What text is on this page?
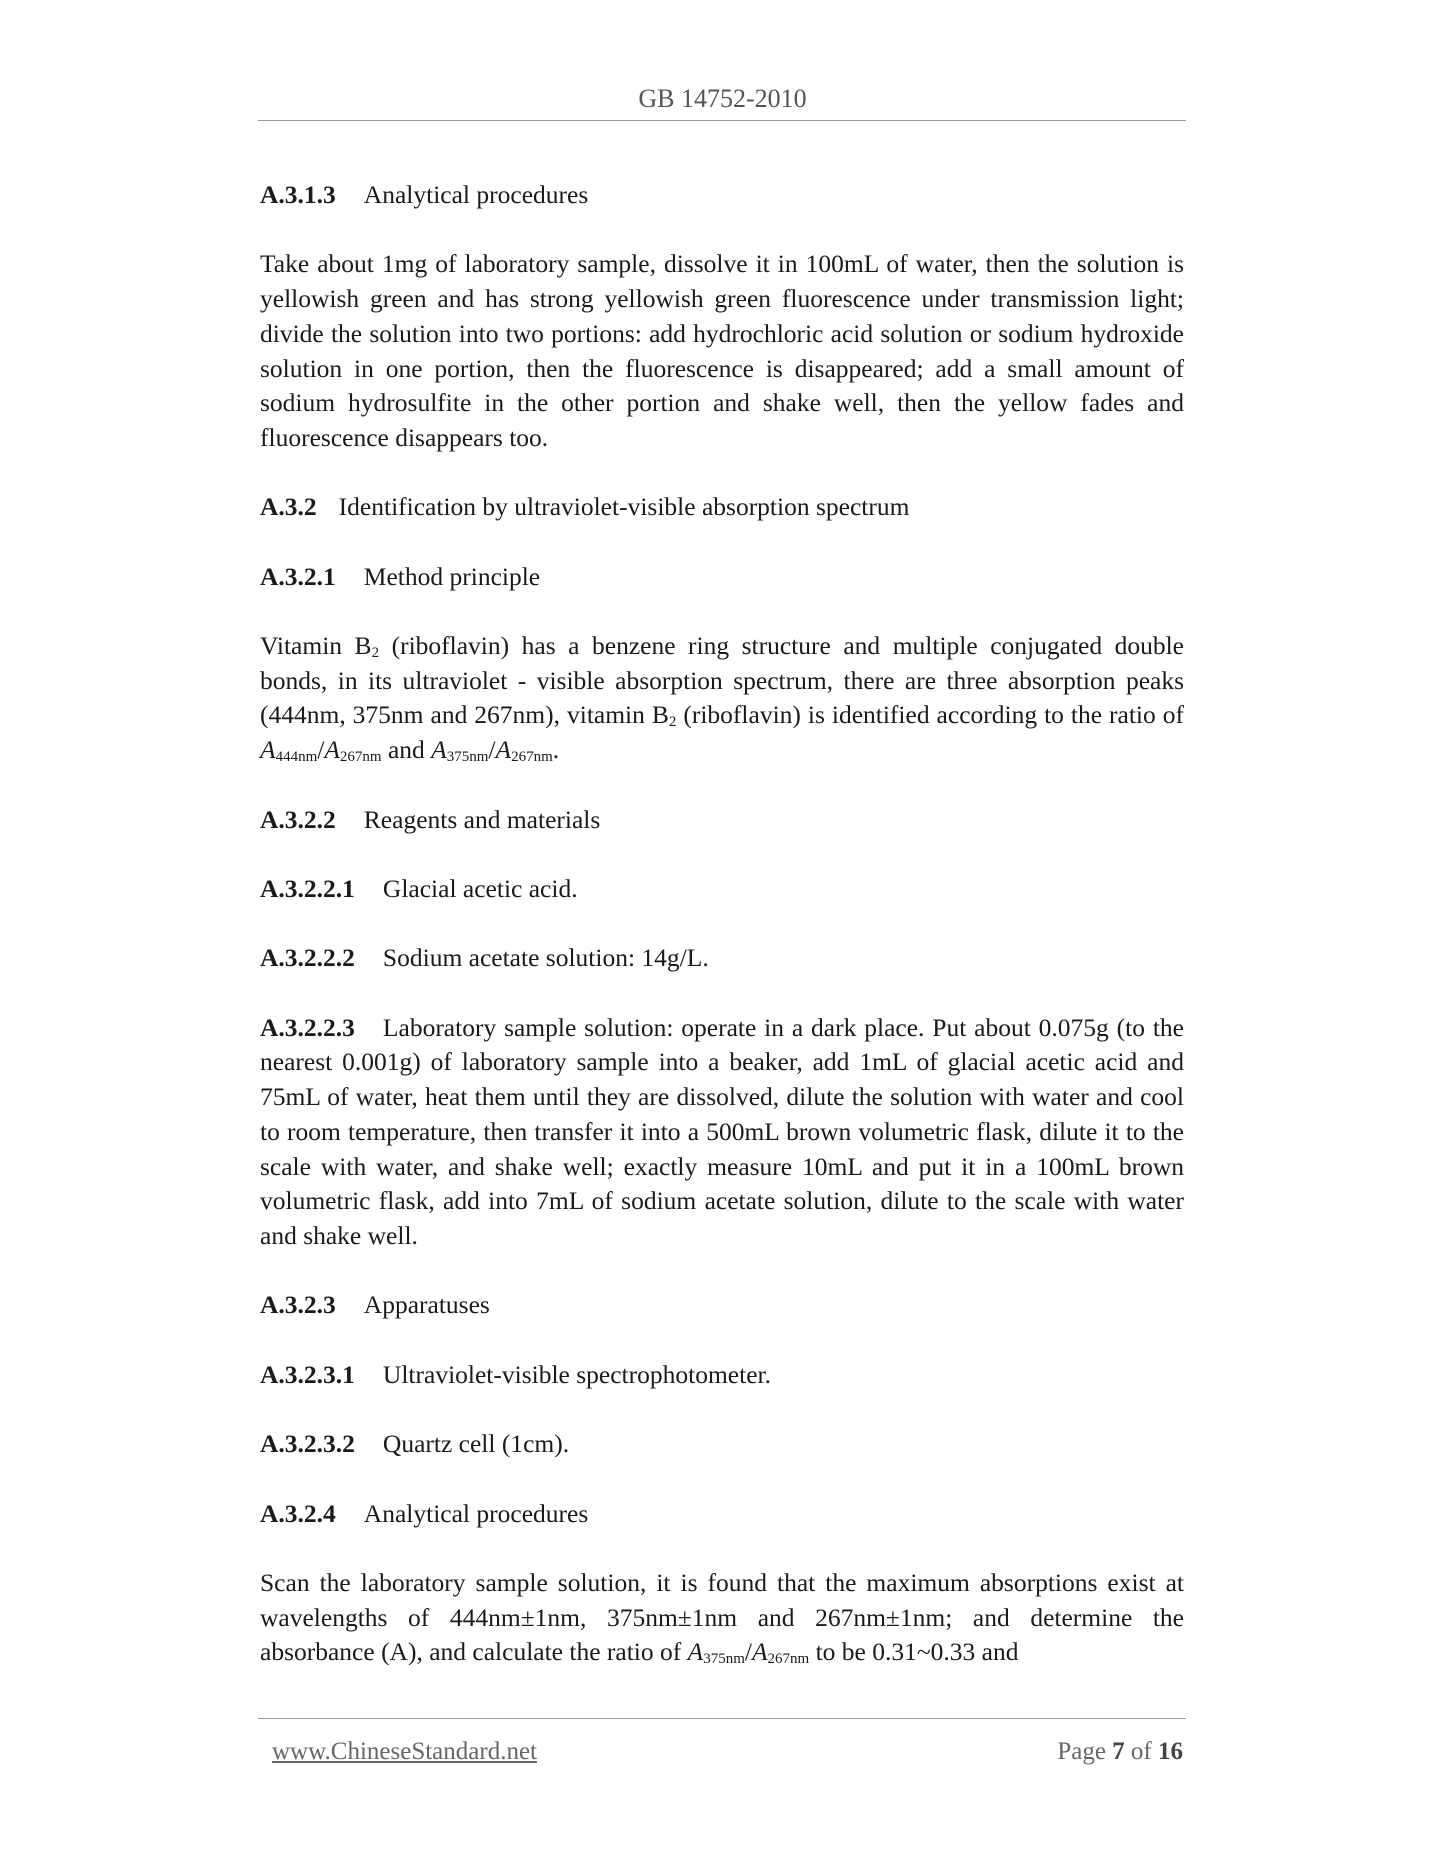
GB 14752-2010

A.3.1.3 Analytical procedures

Take about 1mg of laboratory sample, dissolve it in 100mL of water, then the solution is yellowish green and has strong yellowish green fluorescence under transmission light; divide the solution into two portions: add hydrochloric acid solution or sodium hydroxide solution in one portion, then the fluorescence is disappeared; add a small amount of sodium hydrosulfite in the other portion and shake well, then the yellow fades and fluorescence disappears too.

A.3.2 Identification by ultraviolet-visible absorption spectrum

A.3.2.1 Method principle

Vitamin $B_2$ (riboflavin) has a benzene ring structure and multiple conjugated double bonds, in its ultraviolet - visible absorption spectrum, there are three absorption peaks (444nm, 375nm and 267nm), vitamin $B_2$ (riboflavin) is identified according to the ratio of $A_{444nm}/A_{267nm}$ and $A_{375nm}/A_{267nm}$.

A.3.2.2 Reagents and materials

A.3.2.2.1 Glacial acetic acid.

A.3.2.2.2 Sodium acetate solution: 14g/L.

A.3.2.2.3 Laboratory sample solution: operate in a dark place. Put about 0.075g (to the nearest 0.001g) of laboratory sample into a beaker, add 1mL of glacial acetic acid and 75mL of water, heat them until they are dissolved, dilute the solution with water and cool to room temperature, then transfer it into a 500mL brown volumetric flask, dilute it to the scale with water, and shake well; exactly measure 10mL and put it in a 100mL brown volumetric flask, add into 7mL of sodium acetate solution, dilute to the scale with water and shake well.

A.3.2.3 Apparatuses

A.3.2.3.1 Ultraviolet-visible spectrophotometer.

A.3.2.3.2 Quartz cell (1cm).

A.3.2.4 Analytical procedures

Scan the laboratory sample solution, it is found that the maximum absorptions exist at wavelengths of 444nm±1nm, 375nm±1nm and 267nm±1nm; and determine the absorbance (A), and calculate the ratio of $A_{375nm}/A_{267nm}$ to be 0.31~0.33 and

www.ChineseStandard.net	Page 7 of 16
